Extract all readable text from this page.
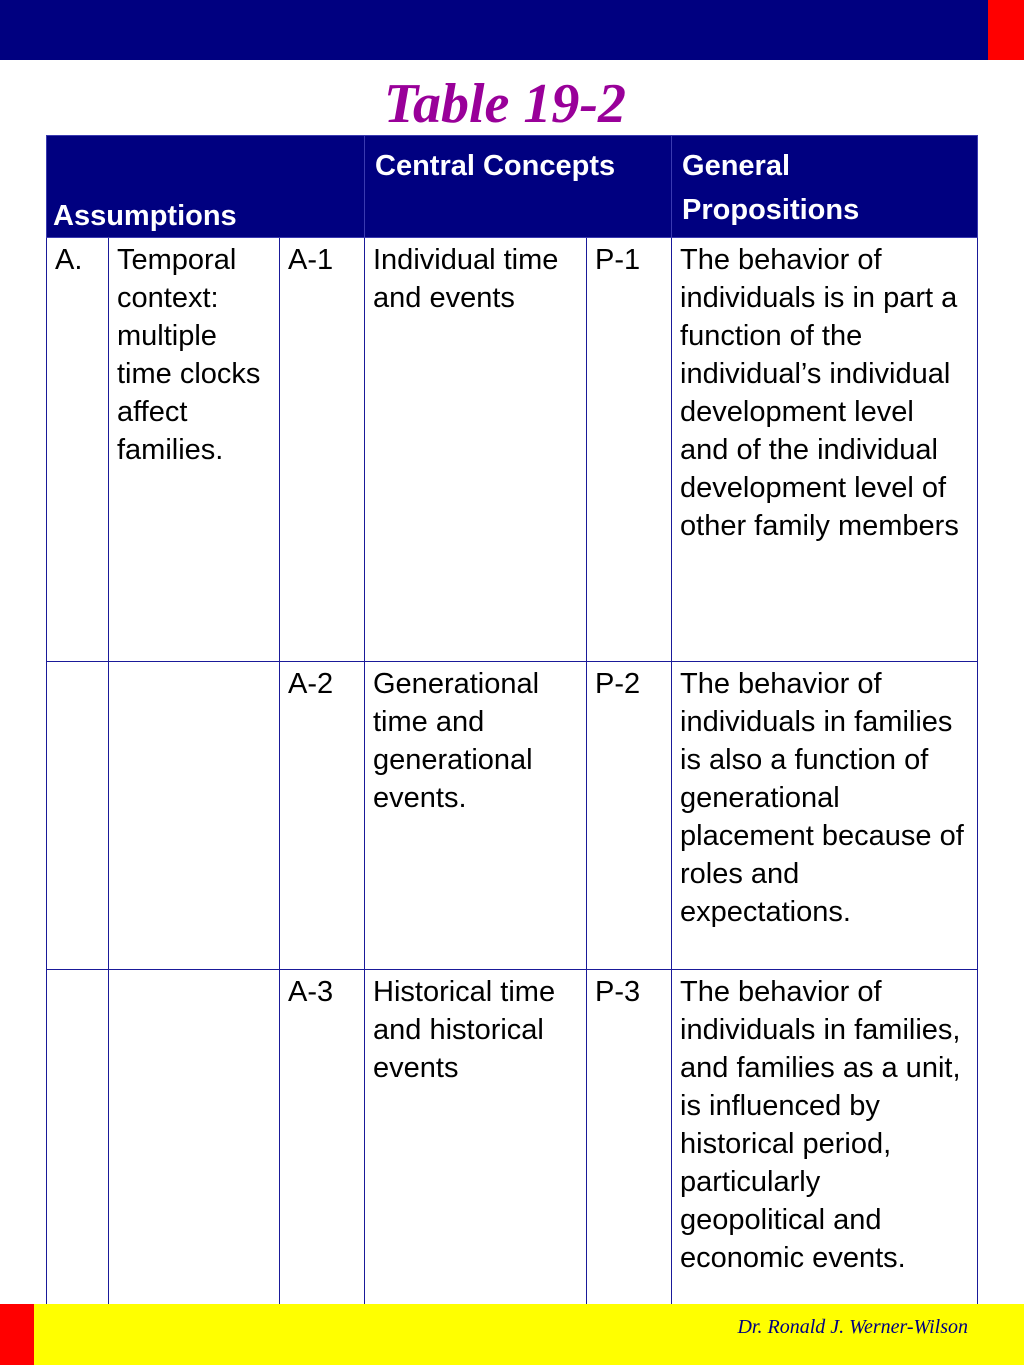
Table 19-2
Assumptions			Central Concepts		General Propositions
A.	Temporal context: multiple time clocks affect families.	A-1	Individual time and events	P-1	The behavior of individuals is in part a function of the individual’s individual development level and of the individual development level of other family members
		A-2	Generational time and generational events.	P-2	The behavior of individuals in families is also a function of generational placement because of roles and expectations.
		A-3	Historical time and historical events	P-3	The behavior of individuals in families, and families as a unit, is influenced by historical period, particularly geopolitical and economic events.
Dr. Ronald J. Werner-Wilson
